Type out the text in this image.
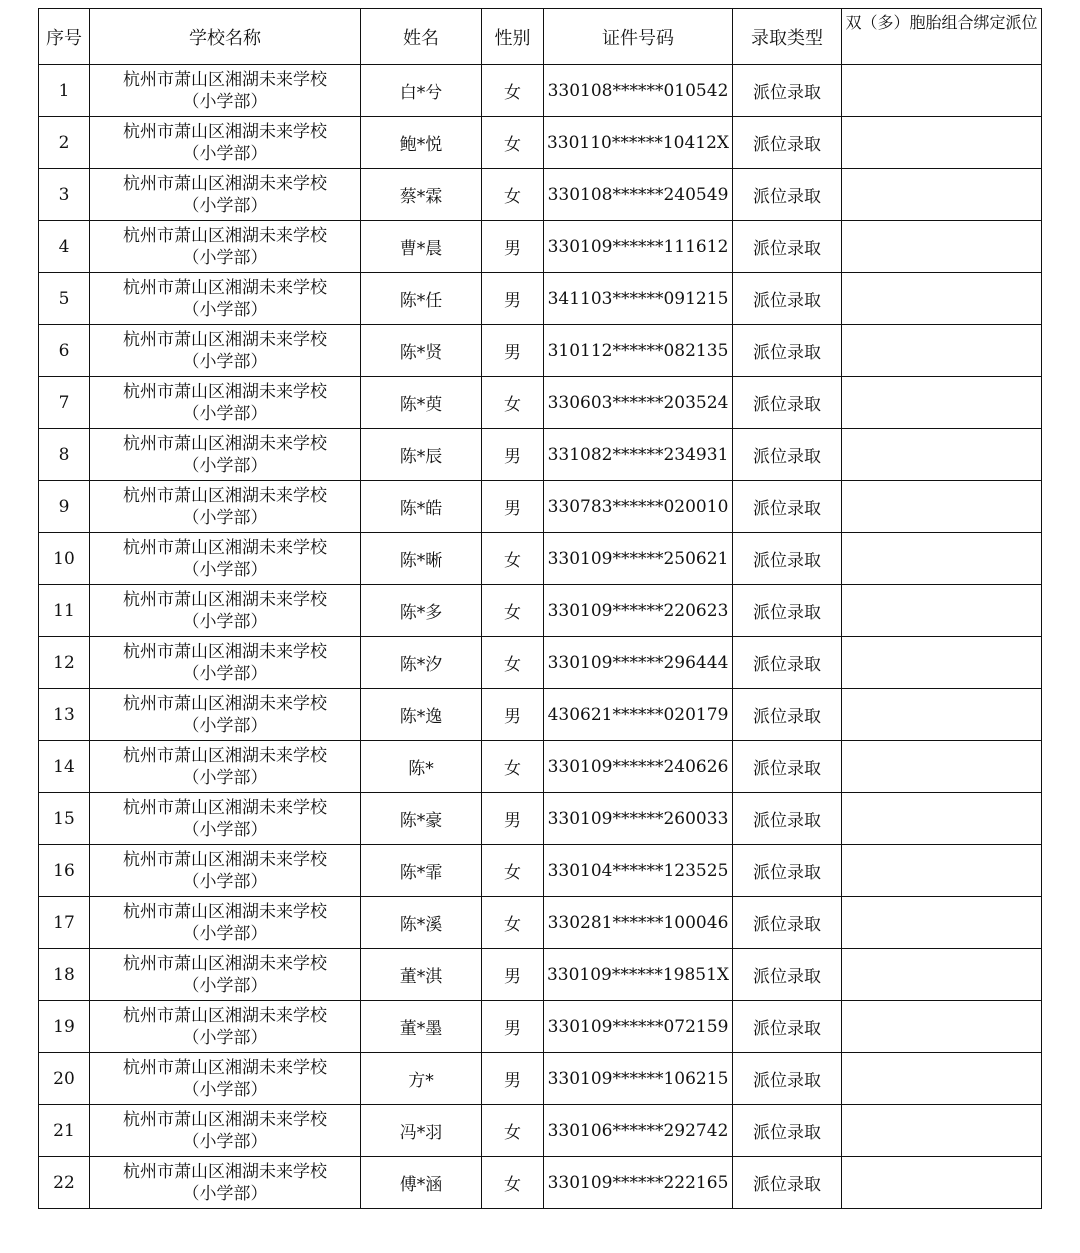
序号	学校名称	姓名	性别	证件号码	录取类型	双（多）胞胎组合绑定派位
1	杭州市萧山区湘湖未来学校
（小学部）	白*兮	女	330108******010542	派位录取	
2	杭州市萧山区湘湖未来学校
（小学部）	鲍*悦	女	330110******10412X	派位录取	
3	杭州市萧山区湘湖未来学校
（小学部）	蔡*霖	女	330108******240549	派位录取	
4	杭州市萧山区湘湖未来学校
（小学部）	曹*晨	男	330109******111612	派位录取	
5	杭州市萧山区湘湖未来学校
（小学部）	陈*任	男	341103******091215	派位录取	
6	杭州市萧山区湘湖未来学校
（小学部）	陈*贤	男	310112******082135	派位录取	
7	杭州市萧山区湘湖未来学校
（小学部）	陈*萸	女	330603******203524	派位录取	
8	杭州市萧山区湘湖未来学校
（小学部）	陈*辰	男	331082******234931	派位录取	
9	杭州市萧山区湘湖未来学校
（小学部）	陈*皓	男	330783******020010	派位录取	
10	杭州市萧山区湘湖未来学校
（小学部）	陈*晰	女	330109******250621	派位录取	
11	杭州市萧山区湘湖未来学校
（小学部）	陈*多	女	330109******220623	派位录取	
12	杭州市萧山区湘湖未来学校
（小学部）	陈*汐	女	330109******296444	派位录取	
13	杭州市萧山区湘湖未来学校
（小学部）	陈*逸	男	430621******020179	派位录取	
14	杭州市萧山区湘湖未来学校
（小学部）	陈*	女	330109******240626	派位录取	
15	杭州市萧山区湘湖未来学校
（小学部）	陈*豪	男	330109******260033	派位录取	
16	杭州市萧山区湘湖未来学校
（小学部）	陈*霏	女	330104******123525	派位录取	
17	杭州市萧山区湘湖未来学校
（小学部）	陈*溪	女	330281******100046	派位录取	
18	杭州市萧山区湘湖未来学校
（小学部）	董*淇	男	330109******19851X	派位录取	
19	杭州市萧山区湘湖未来学校
（小学部）	董*墨	男	330109******072159	派位录取	
20	杭州市萧山区湘湖未来学校
（小学部）	方*	男	330109******106215	派位录取	
21	杭州市萧山区湘湖未来学校
（小学部）	冯*羽	女	330106******292742	派位录取	
22	杭州市萧山区湘湖未来学校
（小学部）	傅*涵	女	330109******222165	派位录取	
